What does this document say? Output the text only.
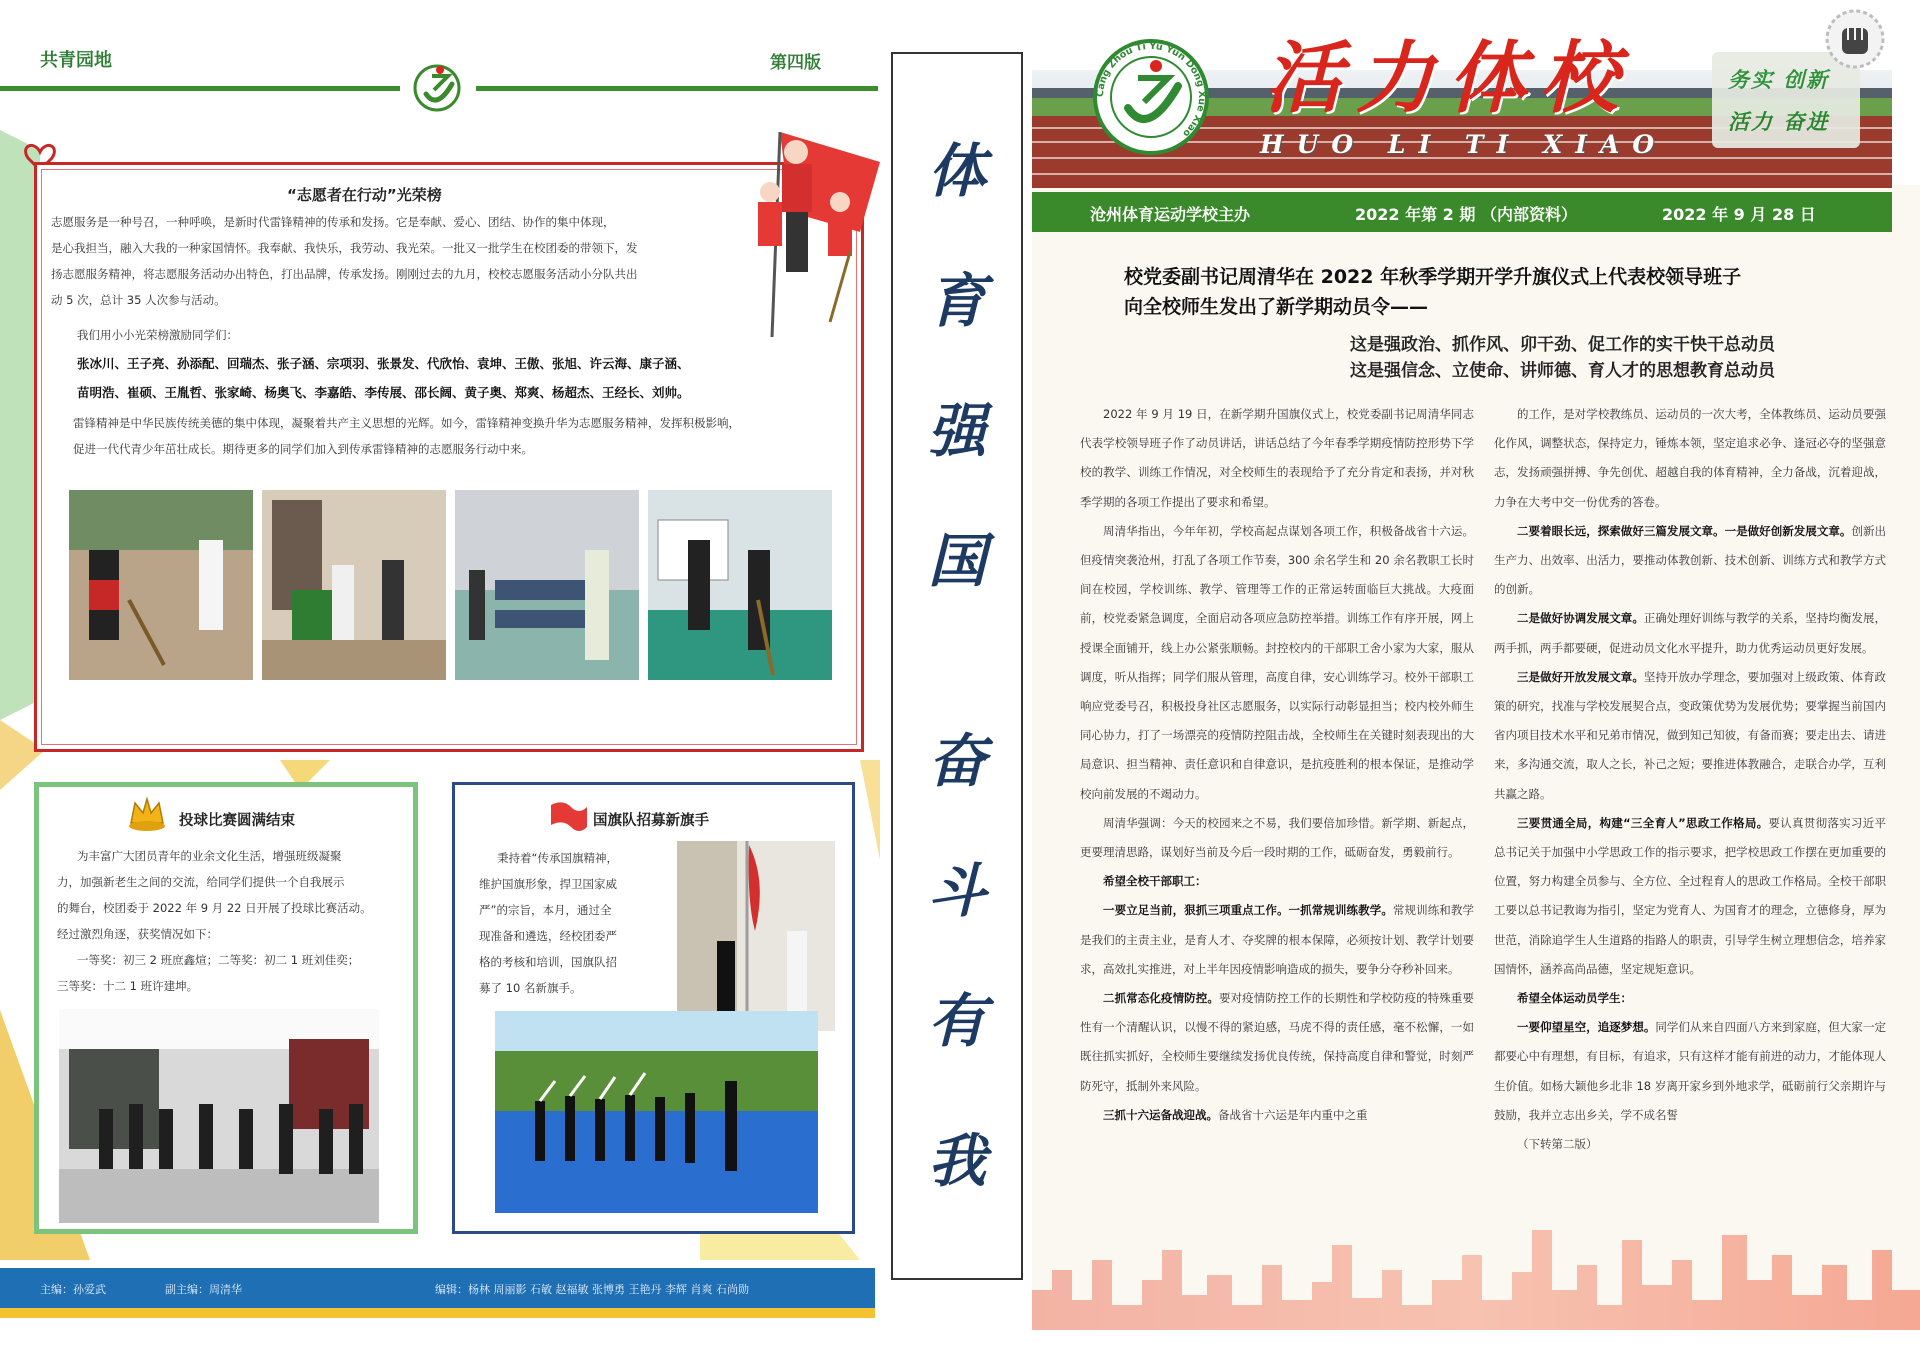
共青园地	第四版
“志愿者在行动”光荣榜
志愿服务是一种号召，一种呼唤，是新时代雷锋精神的传承和发扬。它是奉献、爱心、团结、协作的集中体现，
是心我担当，融入大我的一种家国情怀。我奉献、我快乐，我劳动、我光荣。一批又一批学生在校团委的带领下，发
扬志愿服务精神，将志愿服务活动办出特色，打出品牌，传承发扬。刚刚过去的九月，校校志愿服务活动小分队共出
动 5 次，总计 35 人次参与活动。
我们用小小光荣榜激励同学们：
张冰川、王子亮、孙添配、回瑞杰、张子涵、宗项羽、张景发、代欣怡、袁坤、王傲、张旭、许云海、康子涵、
苗明浩、崔硕、王胤哲、张家崎、杨奥飞、李嘉皓、李传展、邵长阔、黄子奥、郑爽、杨超杰、王经长、刘帅。
雷锋精神是中华民族传统美德的集中体现，凝聚着共产主义思想的光辉。如今，雷锋精神变换升华为志愿服务精神，发挥积极影响，
促进一代代青少年茁壮成长。期待更多的同学们加入到传承雷锋精神的志愿服务行动中来。
投球比赛圆满结束
为丰富广大团员青年的业余文化生活，增强班级凝聚
力，加强新老生之间的交流，给同学们提供一个自我展示
的舞台，校团委于 2022 年 9 月 22 日开展了投球比赛活动。
经过激烈角逐，获奖情况如下：
一等奖：初三 2 班庶鑫煊；二等奖：初二 1 班刘佳奕；
三等奖：十二 1 班许建坤。
国旗队招募新旗手
秉持着“传承国旗精神，
维护国旗形象，捍卫国家威
严”的宗旨，本月，通过全
现准备和遴选，经校团委严
格的考核和培训，国旗队招
募了 10 名新旗手。
主编：孙爱武	副主编：周清华	编辑：杨林 周丽影 石敏 赵福敏 张博勇 王艳丹 李辉 肖爽 石尚勋
体
育
强
国
奋
斗
有
我
活力体校
HUO LI TI XIAO
Cang Zhou Ti Yu Yun Dong Xue Xiao
务实 创新
活力 奋进
沧州体育运动学校主办	2022 年第 2 期 （内部资料）	2022 年 9 月 28 日
校党委副书记周清华在 2022 年秋季学期开学升旗仪式上代表校领导班子
向全校师生发出了新学期动员令——
这是强政治、抓作风、卯干劲、促工作的实干快干总动员
这是强信念、立使命、讲师德、育人才的思想教育总动员

2022 年 9 月 19 日，在新学期升国旗仪式上，校党委副书记周清华同志代表学校领导班子作了动员讲话，讲话总结了今年春季学期疫情防控形势下学校的教学、训练工作情况，对全校师生的表现给予了充分肯定和表扬，并对秋季学期的各项工作提出了要求和希望。

周清华指出，今年年初，学校高起点谋划各项工作，积极备战省十六运。但疫情突袭沧州，打乱了各项工作节奏，300 余名学生和 20 余名教职工长时间在校园，学校训练、教学、管理等工作的正常运转面临巨大挑战。大疫面前，校党委紧急调度，全面启动各项应急防控举措。训练工作有序开展，网上授课全面铺开，线上办公紧张顺畅。封控校内的干部职工舍小家为大家，服从调度，听从指挥；同学们服从管理，高度自律，安心训练学习。校外干部职工响应党委号召，积极投身社区志愿服务，以实际行动彰显担当；校内校外师生同心协力，打了一场漂亮的疫情防控阻击战，全校师生在关键时刻表现出的大局意识、担当精神、责任意识和自律意识，是抗疫胜利的根本保证，是推动学校向前发展的不竭动力。

周清华强调：今天的校园来之不易，我们要倍加珍惜。新学期、新起点，更要理清思路，谋划好当前及今后一段时期的工作，砥砺奋发，勇毅前行。

希望全校干部职工：

一要立足当前，狠抓三项重点工作。一抓常规训练教学。常规训练和教学是我们的主责主业，是育人才、夺奖牌的根本保障，必须按计划、教学计划要求，高效扎实推进，对上半年因疫情影响造成的损失，要争分夺秒补回来。

二抓常态化疫情防控。要对疫情防控工作的长期性和学校防疫的特殊重要性有一个清醒认识，以慢不得的紧迫感，马虎不得的责任感，毫不松懈，一如既往抓实抓好，全校师生要继续发扬优良传统，保持高度自律和警觉，时刻严防死守，抵制外来风险。

三抓十六运备战迎战。备战省十六运是年内重中之重

的工作，是对学校教练员、运动员的一次大考，全体教练员、运动员要强化作风，调整状态，保持定力，锤炼本领，坚定追求必争、逢冠必夺的坚强意志，发扬顽强拼搏、争先创优、超越自我的体育精神，全力备战，沉着迎战，力争在大考中交一份优秀的答卷。

二要着眼长远，探索做好三篇发展文章。一是做好创新发展文章。创新出生产力、出效率、出活力，要推动体教创新、技术创新、训练方式和教学方式的创新。

二是做好协调发展文章。正确处理好训练与教学的关系，坚持均衡发展，两手抓，两手都要硬，促进动员文化水平提升，助力优秀运动员更好发展。

三是做好开放发展文章。坚持开放办学理念，要加强对上级政策、体育政策的研究，找准与学校发展契合点，变政策优势为发展优势；要掌握当前国内省内项目技术水平和兄弟市情况，做到知己知彼，有备而赛；要走出去、请进来，多沟通交流，取人之长，补己之短；要推进体教融合，走联合办学，互利共赢之路。

三要贯通全局，构建“三全育人”思政工作格局。要认真贯彻落实习近平总书记关于加强中小学思政工作的指示要求，把学校思政工作摆在更加重要的位置，努力构建全员参与、全方位、全过程育人的思政工作格局。全校干部职工要以总书记教诲为指引，坚定为党育人、为国育才的理念，立德修身，厚为世范，消除追学生人生道路的指路人的职责，引导学生树立理想信念，培养家国情怀，涵养高尚品德，坚定规矩意识。

希望全体运动员学生：

一要仰望星空，追逐梦想。同学们从来自四面八方来到家庭，但大家一定都要心中有理想，有目标，有追求，只有这样才能有前进的动力，才能体现人生价值。如杨大颖他乡北非 18 岁离开家乡到外地求学，砥砺前行父亲期许与鼓励，我并立志出乡关，学不成名誓

（下转第二版）
